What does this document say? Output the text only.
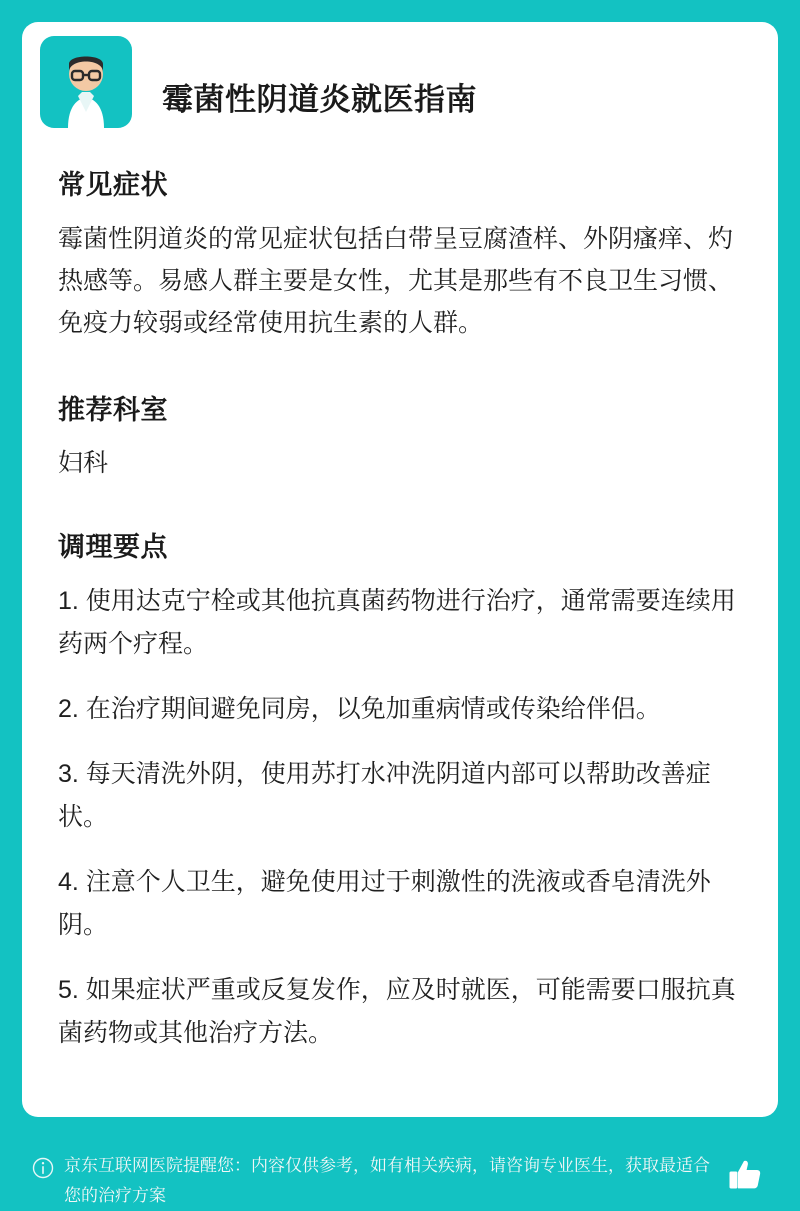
霉菌性阴道炎就医指南
常见症状

霉菌性阴道炎的常见症状包括白带呈豆腐渣样、外阴瘙痒、灼热感等。易感人群主要是女性，尤其是那些有不良卫生习惯、免疫力较弱或经常使用抗生素的人群。

推荐科室

妇科

调理要点
1. 使用达克宁栓或其他抗真菌药物进行治疗，通常需要连续用药两个疗程。
2. 在治疗期间避免同房，以免加重病情或传染给伴侣。
3. 每天清洗外阴，使用苏打水冲洗阴道内部可以帮助改善症状。
4. 注意个人卫生，避免使用过于刺激性的洗液或香皂清洗外阴。
5. 如果症状严重或反复发作，应及时就医，可能需要口服抗真菌药物或其他治疗方法。
京东互联网医院提醒您：内容仅供参考，如有相关疾病，请咨询专业医生，获取最适合您的治疗方案
